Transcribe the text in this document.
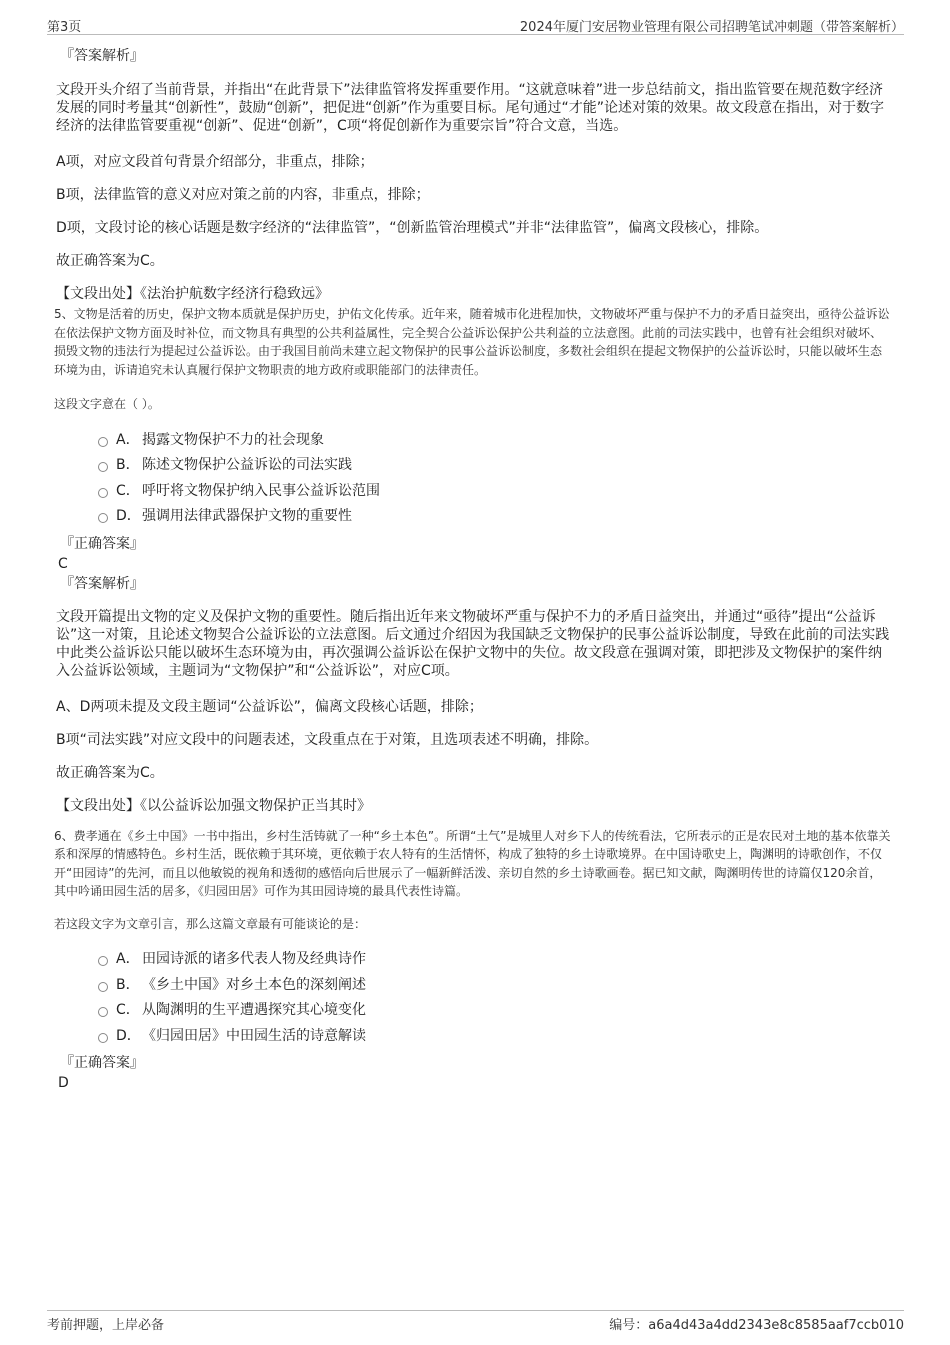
第3页	2024年厦门安居物业管理有限公司招聘笔试冲刺题（带答案解析）

『答案解析』

文段开头介绍了当前背景，并指出“在此背景下”法律监管将发挥重要作用。“这就意味着”进一步总结前文，指出监管要在规范数字经济发展的同时考量其“创新性”，鼓励“创新”，把促进“创新”作为重要目标。尾句通过“才能”论述对策的效果。故文段意在指出，对于数字经济的法律监管要重视“创新”、促进“创新”，C项“将促创新作为重要宗旨”符合文意，当选。

A项，对应文段首句背景介绍部分，非重点，排除；

B项，法律监管的意义对应对策之前的内容，非重点，排除；

D项，文段讨论的核心话题是数字经济的“法律监管”，“创新监管治理模式”并非“法律监管”，偏离文段核心，排除。

故正确答案为C。

【文段出处】《法治护航数字经济行稳致远》

5、文物是活着的历史，保护文物本质就是保护历史，护佑文化传承。近年来，随着城市化进程加快，文物破坏严重与保护不力的矛盾日益突出，亟待公益诉讼在依法保护文物方面及时补位，而文物具有典型的公共利益属性，完全契合公益诉讼保护公共利益的立法意图。此前的司法实践中，也曾有社会组织对破坏、损毁文物的违法行为提起过公益诉讼。由于我国目前尚未建立起文物保护的民事公益诉讼制度，多数社会组织在提起文物保护的公益诉讼时，只能以破坏生态环境为由，诉请追究未认真履行保护文物职责的地方政府或职能部门的法律责任。

这段文字意在（ ）。

A． 揭露文物保护不力的社会现象
B． 陈述文物保护公益诉讼的司法实践
C． 呼吁将文物保护纳入民事公益诉讼范围
D． 强调用法律武器保护文物的重要性

『正确答案』

C

『答案解析』

文段开篇提出文物的定义及保护文物的重要性。随后指出近年来文物破坏严重与保护不力的矛盾日益突出，并通过“亟待”提出“公益诉讼”这一对策，且论述文物契合公益诉讼的立法意图。后文通过介绍因为我国缺乏文物保护的民事公益诉讼制度，导致在此前的司法实践中此类公益诉讼只能以破坏生态环境为由，再次强调公益诉讼在保护文物中的失位。故文段意在强调对策，即把涉及文物保护的案件纳入公益诉讼领域，主题词为“文物保护”和“公益诉讼”，对应C项。

A、D两项未提及文段主题词“公益诉讼”，偏离文段核心话题，排除；

B项“司法实践”对应文段中的问题表述，文段重点在于对策，且选项表述不明确，排除。

故正确答案为C。

【文段出处】《以公益诉讼加强文物保护正当其时》

6、费孝通在《乡土中国》一书中指出，乡村生活铸就了一种“乡土本色”。所谓“土气”是城里人对乡下人的传统看法，它所表示的正是农民对土地的基本依靠关系和深厚的情感特色。乡村生活，既依赖于其环境，更依赖于农人特有的生活情怀，构成了独特的乡土诗歌境界。在中国诗歌史上，陶渊明的诗歌创作，不仅开“田园诗”的先河，而且以他敏锐的视角和透彻的感悟向后世展示了一幅新鲜活泼、亲切自然的乡土诗歌画卷。据已知文献，陶渊明传世的诗篇仅120余首，其中吟诵田园生活的居多，《归园田居》可作为其田园诗境的最具代表性诗篇。

若这段文字为文章引言，那么这篇文章最有可能谈论的是：

A． 田园诗派的诸多代表人物及经典诗作
B． 《乡土中国》对乡土本色的深刻阐述
C． 从陶渊明的生平遭遇探究其心境变化
D． 《归园田居》中田园生活的诗意解读

『正确答案』

D

考前押题，上岸必备	编号：a6a4d43a4dd2343e8c8585aaf7ccb010
